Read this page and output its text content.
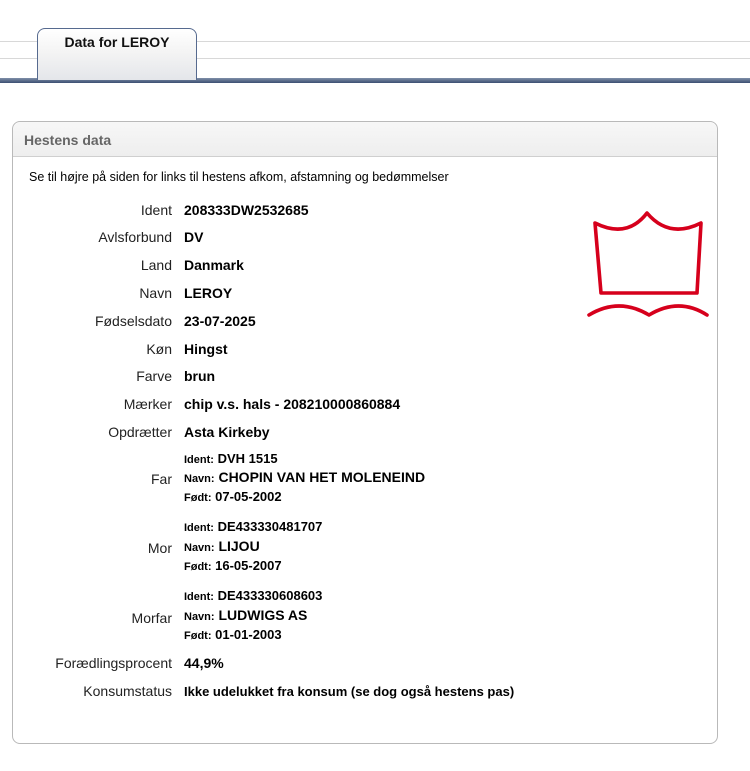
Data for LEROY
Hestens data
Se til højre på siden for links til hestens afkom, afstamning og bedømmelser
Ident 208333DW2532685
Avlsforbund DV
Land Danmark
Navn LEROY
Fødselsdato 23-07-2025
Køn Hingst
Farve brun
Mærker chip v.s. hals - 208210000860884
Opdrætter Asta Kirkeby
Far
Ident: DVH 1515
Navn: CHOPIN VAN HET MOLENEIND
Født: 07-05-2002
Mor
Ident: DE433330481707
Navn: LIJOU
Født: 16-05-2007
Morfar
Ident: DE433330608603
Navn: LUDWIGS AS
Født: 01-01-2003
Forædlingsprocent 44,9%
Konsumstatus Ikke udelukket fra konsum (se dog også hestens pas)
